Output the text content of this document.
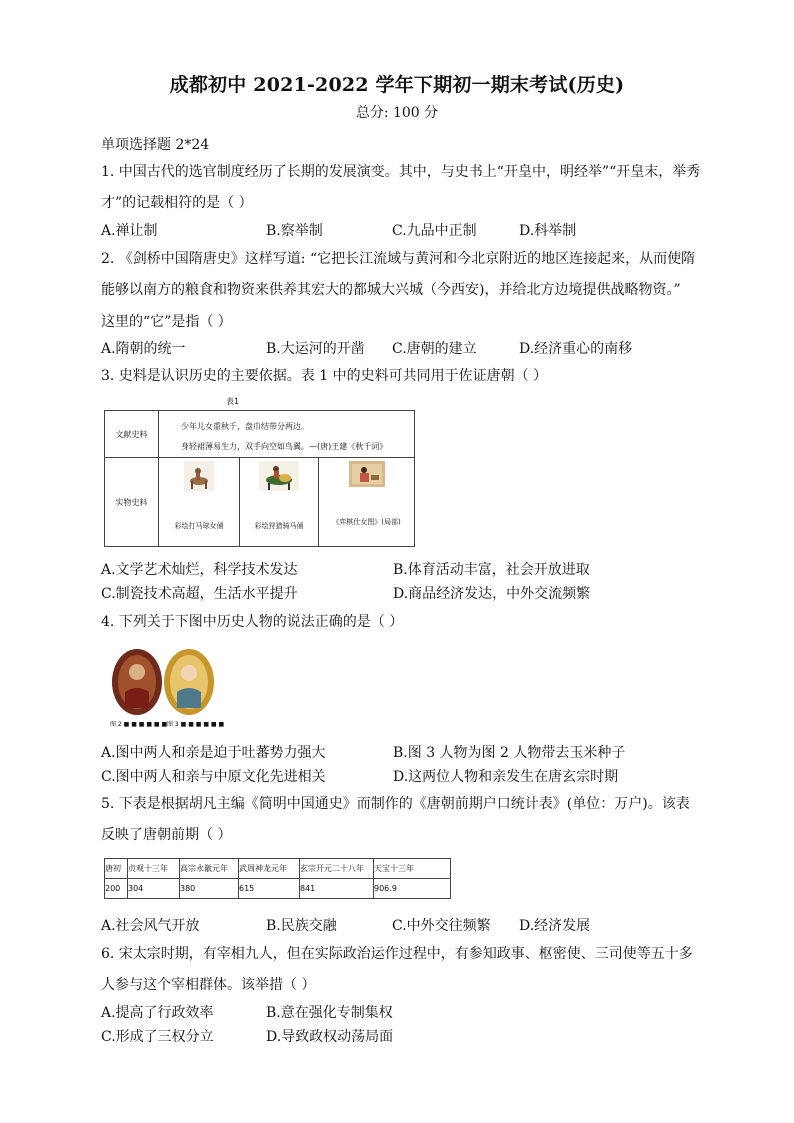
成都初中 2021-2022 学年下期初一期末考试(历史)
总分: 100 分
单项选择题 2*24
1. 中国古代的选官制度经历了长期的发展演变。其中，与史书上“开皇中，明经举”“开皇末，举秀
才”的记载相符的是（ ）
A.禅让制	B.察举制	C.九品中正制	D.科举制
2. 《剑桥中国隋唐史》这样写道: “它把长江流域与黄河和今北京附近的地区连接起来，从而使隋
能够以南方的粮食和物资来供养其宏大的都城大兴城（今西安)，并给北方边境提供战略物资。”
这里的“它”是指（ ）
A.隋朝的统一	B.大运河的开凿 C.唐朝的建立	D.经济重心的南移
3. 史料是认识历史的主要依据。表 1 中的史料可共同用于佐证唐朝（ ）
表1
文献史料	少年儿女重秋千，盘巾结带分两边。
身轻裙薄易生力，双手向空如鸟翼。—(唐)王建《秋千词》		

实物史料	彩绘打马球女俑	彩绘狩猎骑马俑	《弈棋仕女图》(局部)
A.文学艺术灿烂，科学技术发达	B.体育活动丰富，社会开放进取
C.制瓷技术高超，生活水平提升	D.商品经济发达，中外交流频繁
4. 下列关于下图中历史人物的说法正确的是（ ）
图 2 ■ ■ ■ ■ ■ ■ 图 3 ■ ■ ■ ■ ■ ■
A.图中两人和亲是迫于吐蕃势力强大	B.图 3 人物为图 2 人物带去玉米种子
C.图中两人和亲与中原文化先进相关	D.这两位人物和亲发生在唐玄宗时期
5. 下表是根据胡凡主编《简明中国通史》而制作的《唐朝前期户口统计表》(单位：万户)。该表
反映了唐朝前期（ ）
唐初	贞观十三年	高宗永徽元年	武周神龙元年	玄宗开元二十八年	天宝十三年
200	304	380	615	841	906.9
A.社会风气开放	B.民族交融	C.中外交往频繁 D.经济发展
6. 宋太宗时期，有宰相九人，但在实际政治运作过程中，有参知政事、枢密使、三司使等五十多
人参与这个宰相群体。该举措（ ）
A.提高了行政效率	B.意在强化专制集权
C.形成了三权分立	D.导致政权动荡局面
